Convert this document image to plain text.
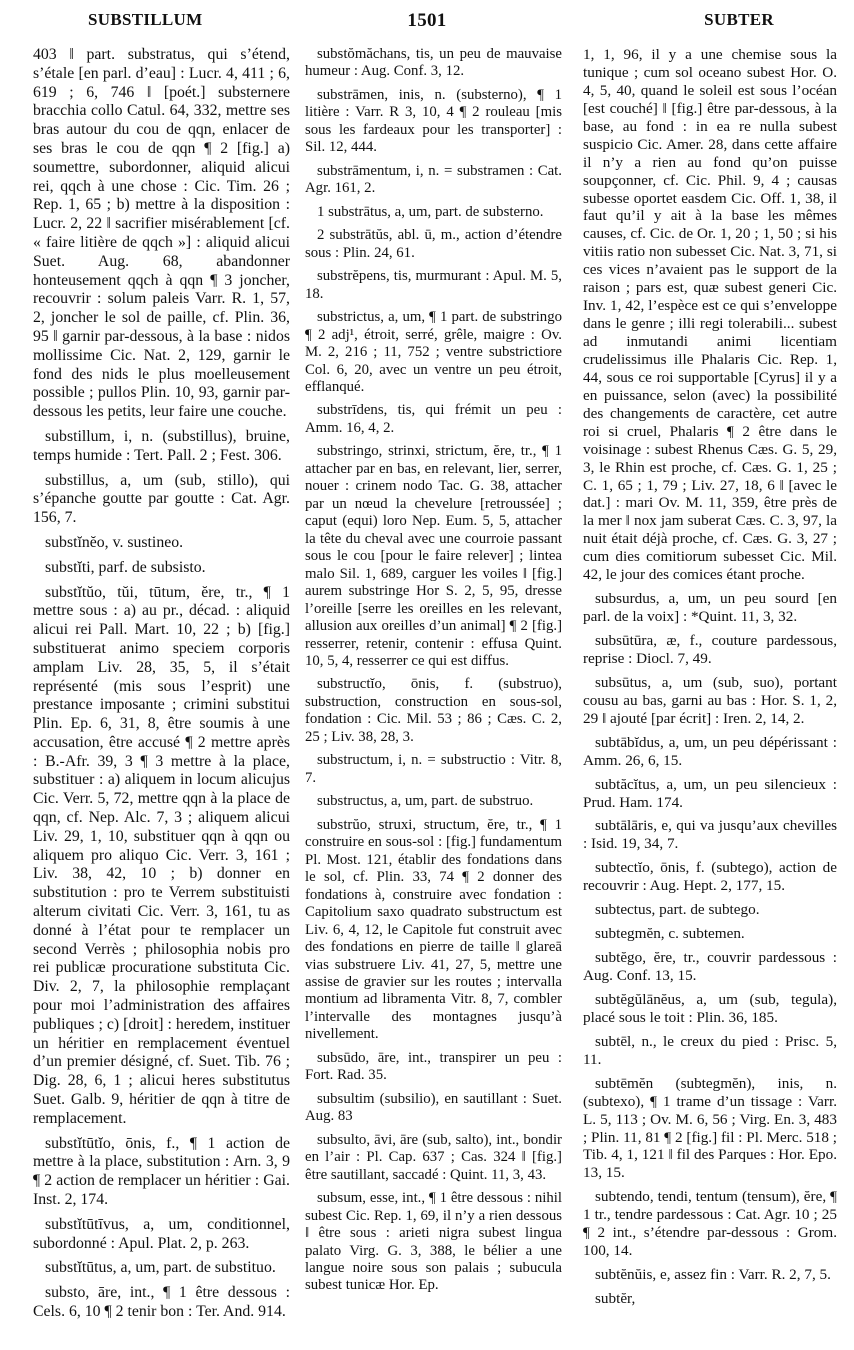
SUBSTILLUM	1501	SUBTER

403 ‖ part. substratus, qui s’étend, s’étale [en parl. d’eau] : Lucr. 4, 411 ; 6, 619 ; 6, 746 ‖ [poét.] substernere bracchia collo Catul. 64, 332, mettre ses bras autour du cou de qqn, enlacer de ses bras le cou de qqn ¶ 2 [fig.] a) soumettre, subordonner, aliquid alicui rei, qqch à une chose : Cic. Tim. 26 ; Rep. 1, 65 ; b) mettre à la disposition : Lucr. 2, 22 ‖ sacrifier misérablement [cf. « faire litière de qqch »] : aliquid alicui Suet. Aug. 68, abandonner honteusement qqch à qqn ¶ 3 joncher, recouvrir : solum paleis Varr. R. 1, 57, 2, joncher le sol de paille, cf. Plin. 36, 95 ‖ garnir par-dessous, à la base : nidos mollissime Cic. Nat. 2, 129, garnir le fond des nids le plus moelleusement possible ; pullos Plin. 10, 93, garnir par-dessous les petits, leur faire une couche.

substillum, i, n. (substillus), bruine, temps humide : Tert. Pall. 2 ; Fest. 306.

substillus, a, um (sub, stillo), qui s’épanche goutte par goutte : Cat. Agr. 156, 7.

substĭnĕo, v. sustineo.

substĭti, parf. de subsisto.

substĭtŭo, tŭi, tūtum, ĕre, tr., ¶ 1 mettre sous : a) au pr., décad. : aliquid alicui rei Pall. Mart. 10, 22 ; b) [fig.] substituerat animo speciem corporis amplam Liv. 28, 35, 5, il s’était représenté (mis sous l’esprit) une prestance imposante ; crimini substitui Plin. Ep. 6, 31, 8, être soumis à une accusation, être accusé ¶ 2 mettre après : B.-Afr. 39, 3 ¶ 3 mettre à la place, substituer : a) aliquem in locum alicujus Cic. Verr. 5, 72, mettre qqn à la place de qqn, cf. Nep. Alc. 7, 3 ; aliquem alicui Liv. 29, 1, 10, substituer qqn à qqn ou aliquem pro aliquo Cic. Verr. 3, 161 ; Liv. 38, 42, 10 ; b) donner en substitution : pro te Verrem substituisti alterum civitati Cic. Verr. 3, 161, tu as donné à l’état pour te remplacer un second Verrès ; philosophia nobis pro rei publicæ procuratione substituta Cic. Div. 2, 7, la philosophie remplaçant pour moi l’administration des affaires publiques ; c) [droit] : heredem, instituer un héritier en remplacement éventuel d’un premier désigné, cf. Suet. Tib. 76 ; Dig. 28, 6, 1 ; alicui heres substitutus Suet. Galb. 9, héritier de qqn à titre de remplacement.

substĭtūtĭo, ōnis, f., ¶ 1 action de mettre à la place, substitution : Arn. 3, 9 ¶ 2 action de remplacer un héritier : Gai. Inst. 2, 174.

substĭtūtīvus, a, um, conditionnel, subordonné : Apul. Plat. 2, p. 263.

substĭtūtus, a, um, part. de substituo.

substo, āre, int., ¶ 1 être dessous : Cels. 6, 10 ¶ 2 tenir bon : Ter. And. 914.

substŏmăchans, tis, un peu de mauvaise humeur : Aug. Conf. 3, 12.

substrāmen, inis, n. (substerno), ¶ 1 litière : Varr. R 3, 10, 4 ¶ 2 rouleau [mis sous les fardeaux pour les transporter] : Sil. 12, 444.

substrāmentum, i, n. = substramen : Cat. Agr. 161, 2.

1 substrātus, a, um, part. de substerno.

2 substrātŭs, abl. ū, m., action d’étendre sous : Plin. 24, 61.

substrĕpens, tis, murmurant : Apul. M. 5, 18.

substrictus, a, um, ¶ 1 part. de substringo ¶ 2 adj¹, étroit, serré, grêle, maigre : Ov. M. 2, 216 ; 11, 752 ; ventre substrictiore Col. 6, 20, avec un ventre un peu étroit, efflanqué.

substrīdens, tis, qui frémit un peu : Amm. 16, 4, 2.

substringo, strinxi, strictum, ĕre, tr., ¶ 1 attacher par en bas, en relevant, lier, serrer, nouer : crinem nodo Tac. G. 38, attacher par un nœud la chevelure [retroussée] ; caput (equi) loro Nep. Eum. 5, 5, attacher la tête du cheval avec une courroie passant sous le cou [pour le faire relever] ; lintea malo Sil. 1, 689, carguer les voiles ‖ [fig.] aurem substringe Hor S. 2, 5, 95, dresse l’oreille [serre les oreilles en les relevant, allusion aux oreilles d’un animal] ¶ 2 [fig.] resserrer, retenir, contenir : effusa Quint. 10, 5, 4, resserrer ce qui est diffus.

substructĭo, ōnis, f. (substruo), substruction, construction en sous-sol, fondation : Cic. Mil. 53 ; 86 ; Cæs. C. 2, 25 ; Liv. 38, 28, 3.

substructum, i, n. = substructio : Vitr. 8, 7.

substructus, a, um, part. de substruo.

substrŭo, struxi, structum, ĕre, tr., ¶ 1 construire en sous-sol : [fig.] fundamentum Pl. Most. 121, établir des fondations dans le sol, cf. Plin. 33, 74 ¶ 2 donner des fondations à, construire avec fondation : Capitolium saxo quadrato substructum est Liv. 6, 4, 12, le Capitole fut construit avec des fondations en pierre de taille ‖ glareā vias substruere Liv. 41, 27, 5, mettre une assise de gravier sur les routes ; intervalla montium ad libramenta Vitr. 8, 7, combler l’intervalle des montagnes jusqu’à nivellement.

subsūdo, āre, int., transpirer un peu : Fort. Rad. 35.

subsultim (subsilio), en sautillant : Suet. Aug. 83

subsulto, āvi, āre (sub, salto), int., bondir en l’air : Pl. Cap. 637 ; Cas. 324 ‖ [fig.] être sautillant, saccadé : Quint. 11, 3, 43.

subsum, esse, int., ¶ 1 être dessous : nihil subest Cic. Rep. 1, 69, il n’y a rien dessous ‖ être sous : arieti nigra subest lingua palato Virg. G. 3, 388, le bélier a une langue noire sous son palais ; subucula subest tunicæ Hor. Ep.

1, 1, 96, il y a une chemise sous la tunique ; cum sol oceano subest Hor. O. 4, 5, 40, quand le soleil est sous l’océan [est couché] ‖ [fig.] être par-dessous, à la base, au fond : in ea re nulla subest suspicio Cic. Amer. 28, dans cette affaire il n’y a rien au fond qu’on puisse soupçonner, cf. Cic. Phil. 9, 4 ; causas subesse oportet easdem Cic. Off. 1, 38, il faut qu’il y ait à la base les mêmes causes, cf. Cic. de Or. 1, 20 ; 1, 50 ; si his vitiis ratio non subesset Cic. Nat. 3, 71, si ces vices n’avaient pas le support de la raison ; pars est, quæ subest generi Cic. Inv. 1, 42, l’espèce est ce qui s’enveloppe dans le genre ; illi regi tolerabili... subest ad inmutandi animi licentiam crudelissimus ille Phalaris Cic. Rep. 1, 44, sous ce roi supportable [Cyrus] il y a en puissance, selon (avec) la possibilité des changements de caractère, cet autre roi si cruel, Phalaris ¶ 2 être dans le voisinage : subest Rhenus Cæs. G. 5, 29, 3, le Rhin est proche, cf. Cæs. G. 1, 25 ; C. 1, 65 ; 1, 79 ; Liv. 27, 18, 6 ‖ [avec le dat.] : mari Ov. M. 11, 359, être près de la mer ‖ nox jam suberat Cæs. C. 3, 97, la nuit était déjà proche, cf. Cæs. G. 3, 27 ; cum dies comitiorum subesset Cic. Mil. 42, le jour des comices étant proche.

subsurdus, a, um, un peu sourd [en parl. de la voix] : *Quint. 11, 3, 32.

subsūtūra, æ, f., couture pardessous, reprise : Diocl. 7, 49.

subsūtus, a, um (sub, suo), portant cousu au bas, garni au bas : Hor. S. 1, 2, 29 ‖ ajouté [par écrit] : Iren. 2, 14, 2.

subtābĭdus, a, um, un peu dépérissant : Amm. 26, 6, 15.

subtăcĭtus, a, um, un peu silencieux : Prud. Ham. 174.

subtālāris, e, qui va jusqu’aux chevilles : Isid. 19, 34, 7.

subtectĭo, ōnis, f. (subtego), action de recouvrir : Aug. Hept. 2, 177, 15.

subtectus, part. de subtego.

subtegmĕn, c. subtemen.

subtĕgo, ĕre, tr., couvrir pardessous : Aug. Conf. 13, 15.

subtĕgŭlānĕus, a, um (sub, tegula), placé sous le toit : Plin. 36, 185.

subtēl, n., le creux du pied : Prisc. 5, 11.

subtēmĕn (subtegmĕn), inis, n. (subtexo), ¶ 1 trame d’un tissage : Varr. L. 5, 113 ; Ov. M. 6, 56 ; Virg. En. 3, 483 ; Plin. 11, 81 ¶ 2 [fig.] fil : Pl. Merc. 518 ; Tib. 4, 1, 121 ‖ fil des Parques : Hor. Epo. 13, 15.

subtendo, tendi, tentum (tensum), ĕre, ¶ 1 tr., tendre pardessous : Cat. Agr. 10 ; 25 ¶ 2 int., s’étendre par-dessous : Grom. 100, 14.

subtĕnŭis, e, assez fin : Varr. R. 2, 7, 5.

subtĕr,
